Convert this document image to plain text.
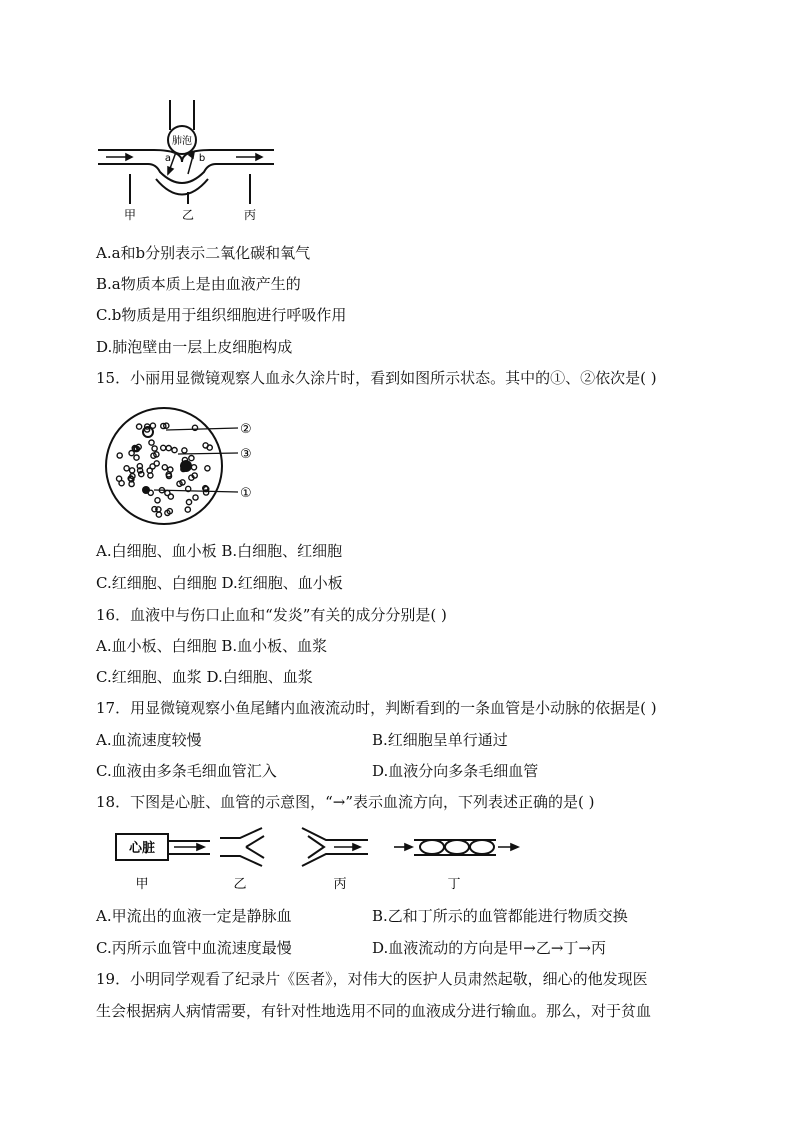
肺泡
a	b
甲	乙	丙
A.a和b分别表示二氧化碳和氧气
B.a物质本质上是由血液产生的
C.b物质是用于组织细胞进行呼吸作用
D.肺泡壁由一层上皮细胞构成
15．小丽用显微镜观察人血永久涂片时，看到如图所示状态。其中的①、②依次是( )
②
③
①
A.白细胞、血小板 B.白细胞、红细胞
C.红细胞、白细胞 D.红细胞、血小板
16．血液中与伤口止血和“发炎”有关的成分分别是( )
A.血小板、白细胞 B.血小板、血浆
C.红细胞、血浆 D.白细胞、血浆
17．用显微镜观察小鱼尾鳍内血液流动时，判断看到的一条血管是小动脉的依据是( )
A.血流速度较慢	B.红细胞呈单行通过
C.血液由多条毛细血管汇入	D.血液分向多条毛细血管
18．下图是心脏、血管的示意图，“→”表示血流方向，下列表述正确的是( )
心脏
甲	乙	丙	丁
A.甲流出的血液一定是静脉血	B.乙和丁所示的血管都能进行物质交换
C.丙所示血管中血流速度最慢	D.血液流动的方向是甲→乙→丁→丙
19．小明同学观看了纪录片《医者》，对伟大的医护人员肃然起敬，细心的他发现医
生会根据病人病情需要，有针对性地选用不同的血液成分进行输血。那么，对于贫血
